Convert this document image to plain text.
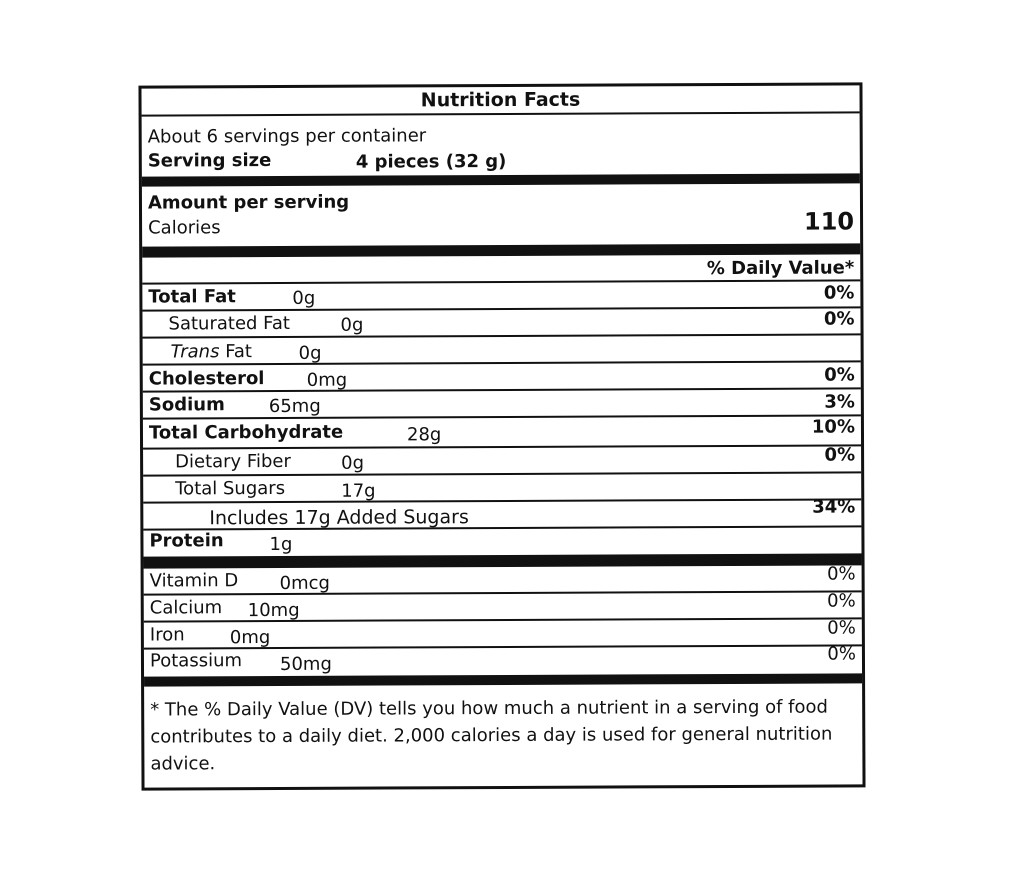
Nutrition Facts
About 6 servings per container
Serving size	4 pieces (32 g)
Amount per serving
Calories	110
% Daily Value*
Total Fat	0g	0%
Saturated Fat	0g	0%
Trans Fat	0g
Cholesterol 0mg	0%
Sodium 65mg	3%
Total Carbohydrate	28g	10%
Dietary Fiber	0g	0%
Total Sugars	17g
Includes 17g Added Sugars	34%
Protein	1g
Vitamin D 0mcg	0%
Calcium 10mg	0%
Iron	0mg	0%
Potassium 50mg	0%
* The % Daily Value (DV) tells you how much a nutrient in a serving of food contributes to a daily diet. 2,000 calories a day is used for general nutrition advice.
